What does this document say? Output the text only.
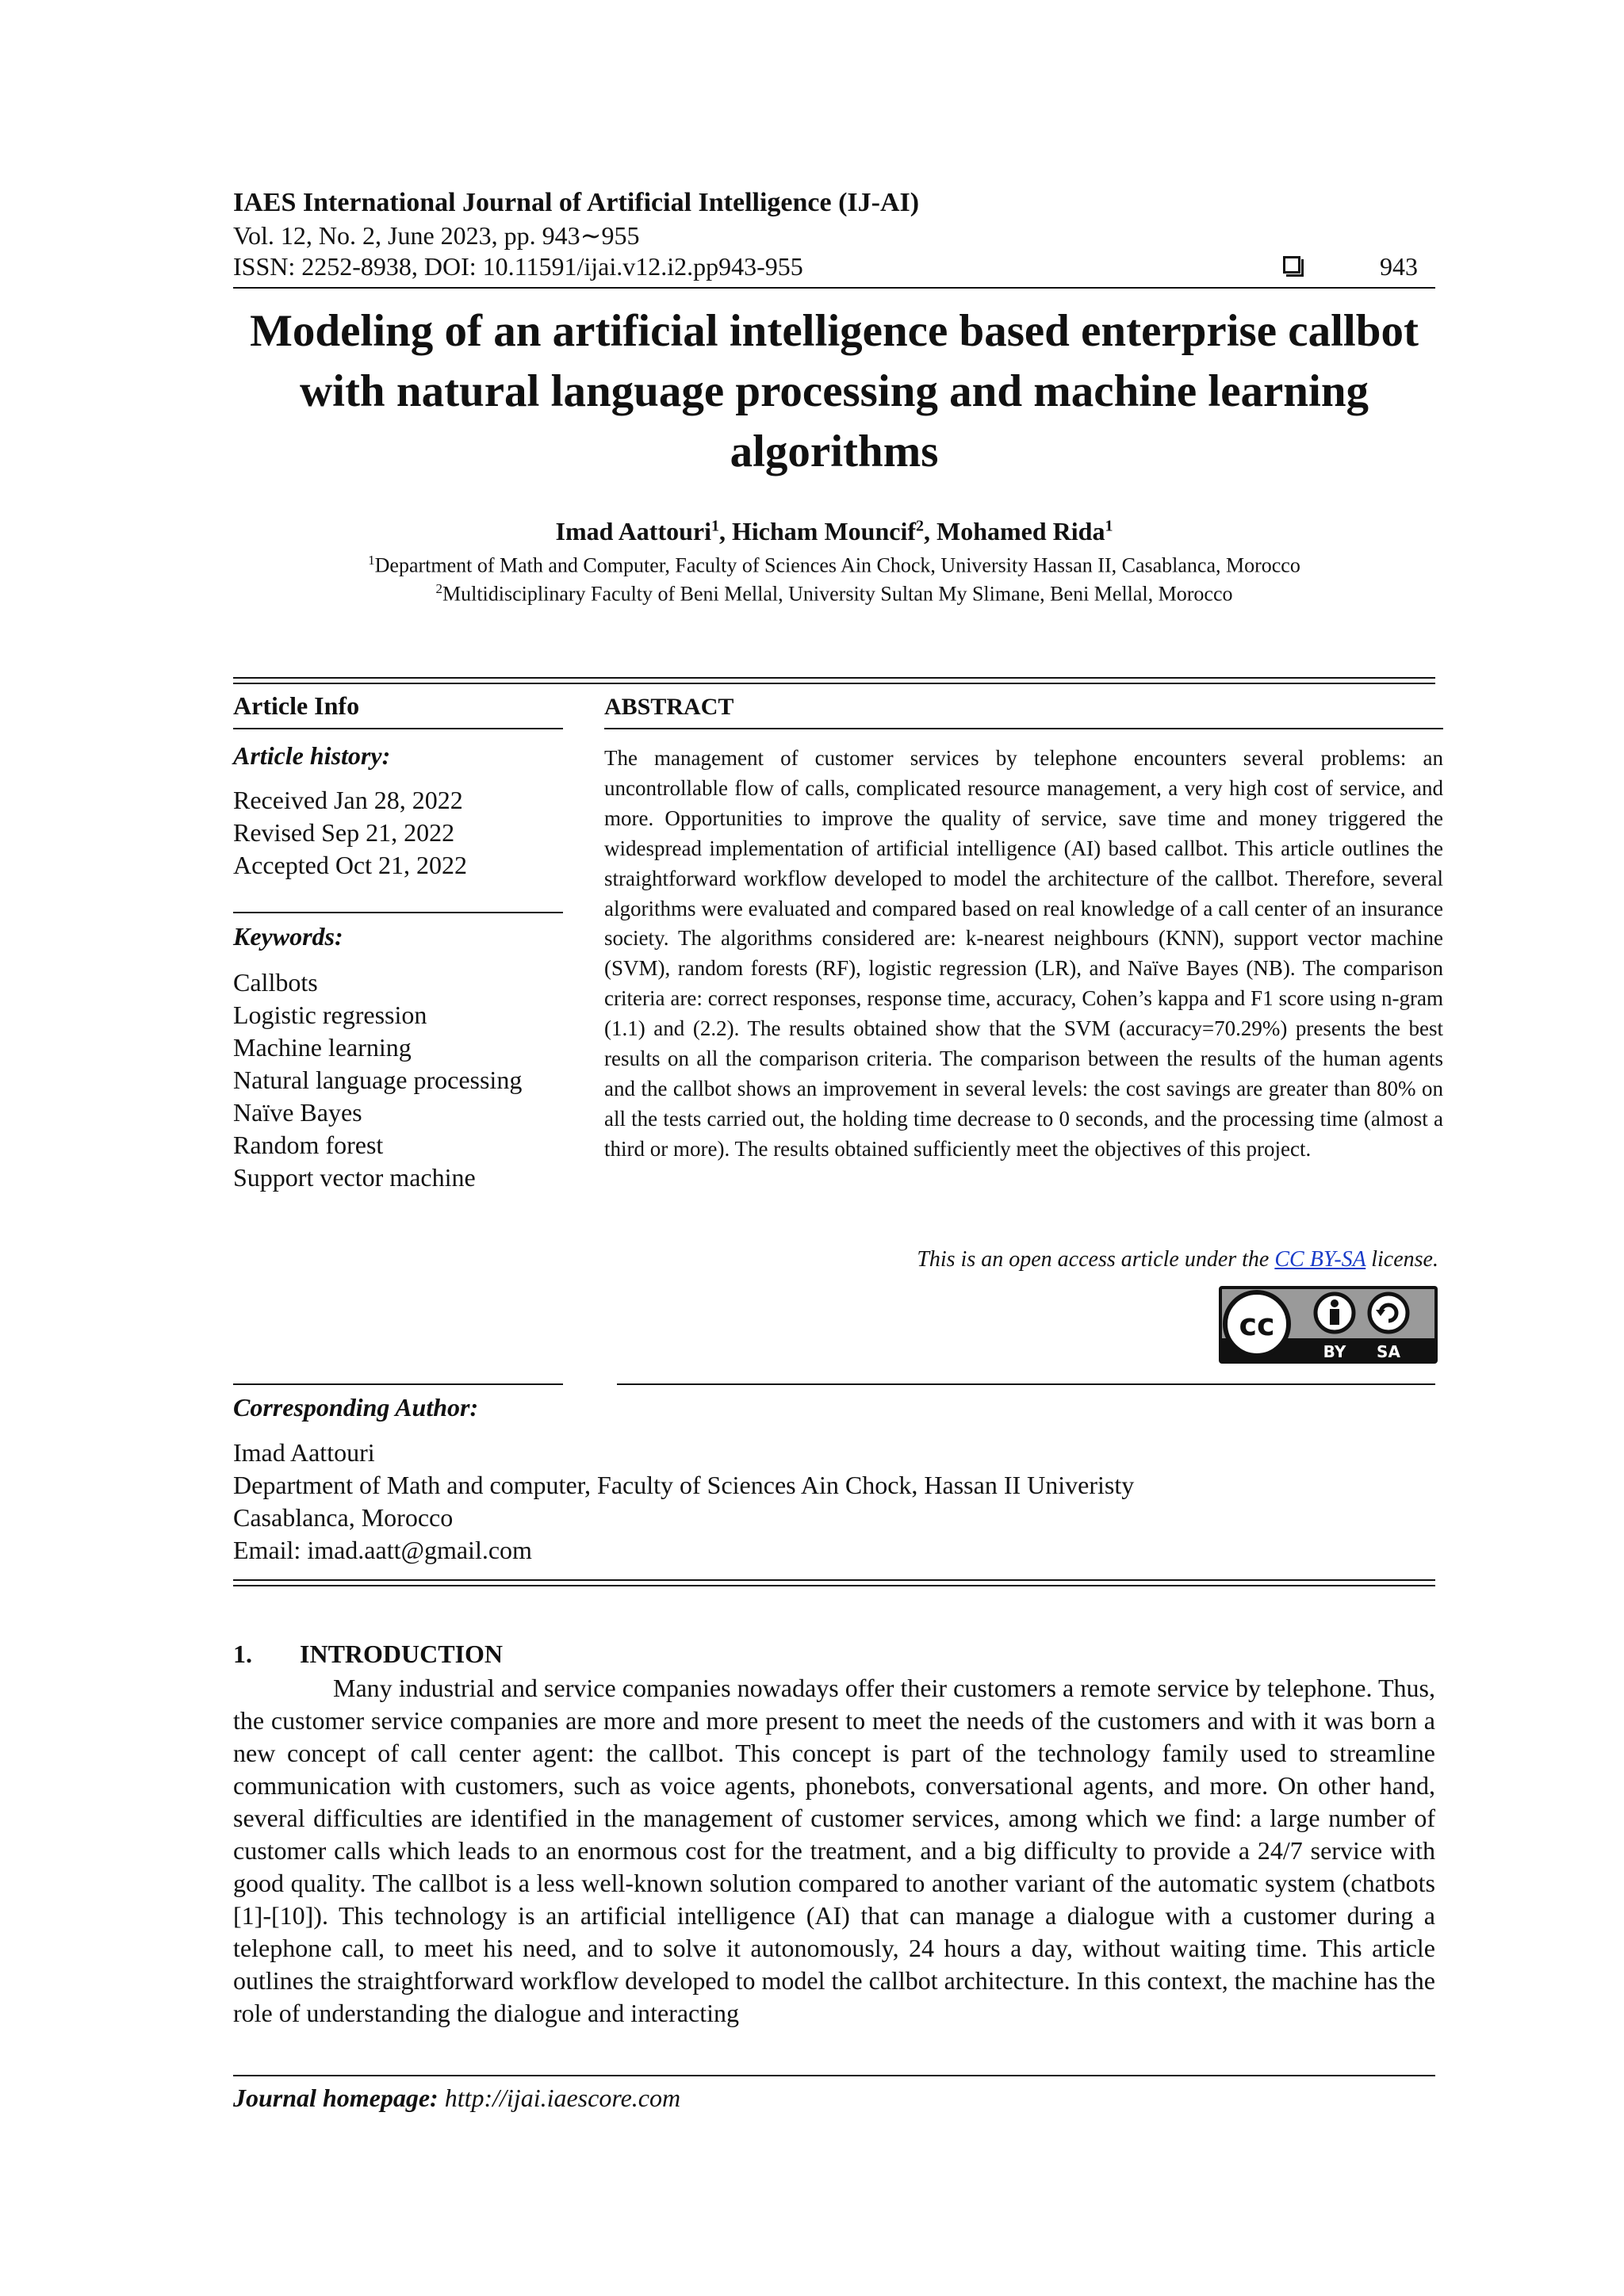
IAES International Journal of Artificial Intelligence (IJ-AI)
Vol. 12, No. 2, June 2023, pp. 943∼955
ISSN: 2252-8938, DOI: 10.11591/ijai.v12.i2.pp943-955	943
Modeling of an artificial intelligence based enterprise callbot with natural language processing and machine learning algorithms
Imad Aattouri$^1$, Hicham Mouncif$^2$, Mohamed Rida$^1$
$^1$Department of Math and Computer, Faculty of Sciences Ain Chock, University Hassan II, Casablanca, Morocco
$^2$Multidisciplinary Faculty of Beni Mellal, University Sultan My Slimane, Beni Mellal, Morocco
Article Info
Article history:
Received Jan 28, 2022
Revised Sep 21, 2022
Accepted Oct 21, 2022
Keywords:
Callbots
Logistic regression
Machine learning
Natural language processing
Naïve Bayes
Random forest
Support vector machine
ABSTRACT
The management of customer services by telephone encounters several problems: an uncontrollable flow of calls, complicated resource management, a very high cost of service, and more. Opportunities to improve the quality of service, save time and money triggered the widespread implementation of artificial intelligence (AI) based callbot. This article outlines the straightforward workflow developed to model the architecture of the callbot. Therefore, several algorithms were evaluated and compared based on real knowledge of a call center of an insurance society. The algorithms considered are: k-nearest neighbours (KNN), support vector machine (SVM), random forests (RF), logistic regression (LR), and Naïve Bayes (NB). The comparison criteria are: correct responses, response time, accuracy, Cohen’s kappa and F1 score using n-gram (1.1) and (2.2). The results obtained show that the SVM (accuracy=70.29%) presents the best results on all the comparison criteria. The comparison between the results of the human agents and the callbot shows an improvement in several levels: the cost savings are greater than 80% on all the tests carried out, the holding time decrease to 0 seconds, and the processing time (almost a third or more). The results obtained sufficiently meet the objectives of this project.
This is an open access article under the CC BY-SA license.
cc
BY SA
Corresponding Author:
Imad Aattouri
Department of Math and computer, Faculty of Sciences Ain Chock, Hassan II Univeristy
Casablanca, Morocco
Email: imad.aatt@gmail.com
1. INTRODUCTION
Many industrial and service companies nowadays offer their customers a remote service by telephone. Thus, the customer service companies are more and more present to meet the needs of the customers and with it was born a new concept of call center agent: the callbot. This concept is part of the technology family used to streamline communication with customers, such as voice agents, phonebots, conversational agents, and more. On other hand, several difficulties are identified in the management of customer services, among which we find: a large number of customer calls which leads to an enormous cost for the treatment, and a big difficulty to provide a 24/7 service with good quality. The callbot is a less well-known solution compared to another variant of the automatic system (chatbots [1]-[10]). This technology is an artificial intelligence (AI) that can manage a dialogue with a customer during a telephone call, to meet his need, and to solve it autonomously, 24 hours a day, without waiting time. This article outlines the straightforward workflow developed to model the callbot architecture. In this context, the machine has the role of understanding the dialogue and interacting
Journal homepage: http://ijai.iaescore.com
